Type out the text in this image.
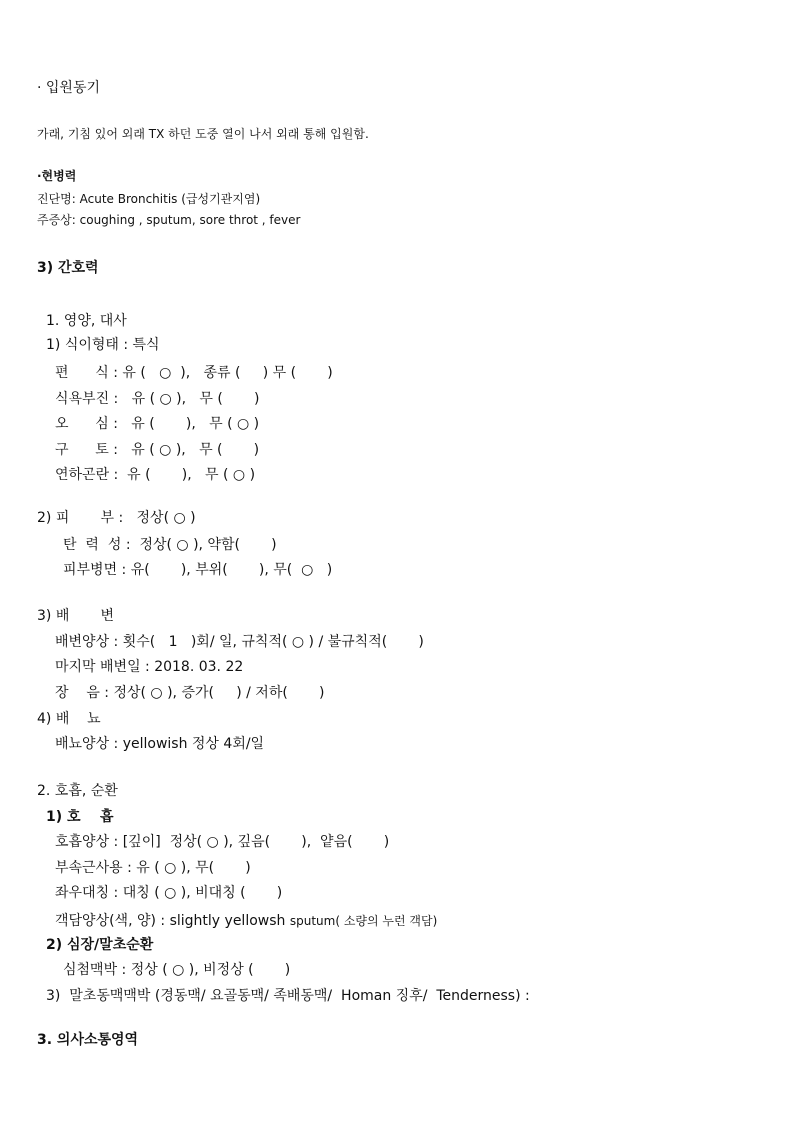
· 입원동기
가래, 기침 있어 외래 TX 하던 도중 열이 나서 외래 통해 입원함.
·현병력
진단명: Acute Bronchitis (급성기관지염)
주증상: coughing , sputum, sore throt , fever
3) 간호력
1. 영양, 대사
1) 식이형태 : 특식
편      식 : 유 (   ○  ),   종류 (     ) 무 (       )
식욕부진 :   유 ( ○ ),   무 (       )
오      심 :   유 (       ),   무 ( ○ )
구      토 :   유 ( ○ ),   무 (       )
연하곤란 :  유 (       ),   무 ( ○ )
2) 피       부 :   정상( ○ )
탄  력  성 :  정상( ○ ), 약함(       )
피부병면 : 유(       ), 부위(       ), 무(  ○   )
3) 배       변
배변양상 : 횟수(   1   )회/ 일, 규칙적( ○ ) / 불규칙적(       )
마지막 배변일 : 2018. 03. 22
장    음 : 정상( ○ ), 증가(     ) / 저하(       )
4) 배    뇨
배뇨양상 : yellowish 정상 4회/일
2. 호흡, 순환
1) 호    흡
호흡양상 : [깊이]  정상( ○ ), 깊음(       ),  얕음(       )
부속근사용 : 유 ( ○ ), 무(       )
좌우대칭 : 대칭 ( ○ ), 비대칭 (       )
객담양상(색, 양) : slightly yellowsh sputum( 소량의 누런 객담)
2) 심장/말초순환
심첨맥박 : 정상 ( ○ ), 비정상 (       )
3)  말초동맥맥박 (경동맥/ 요골동맥/ 족배동맥/  Homan 징후/  Tenderness) :
3. 의사소통영역
